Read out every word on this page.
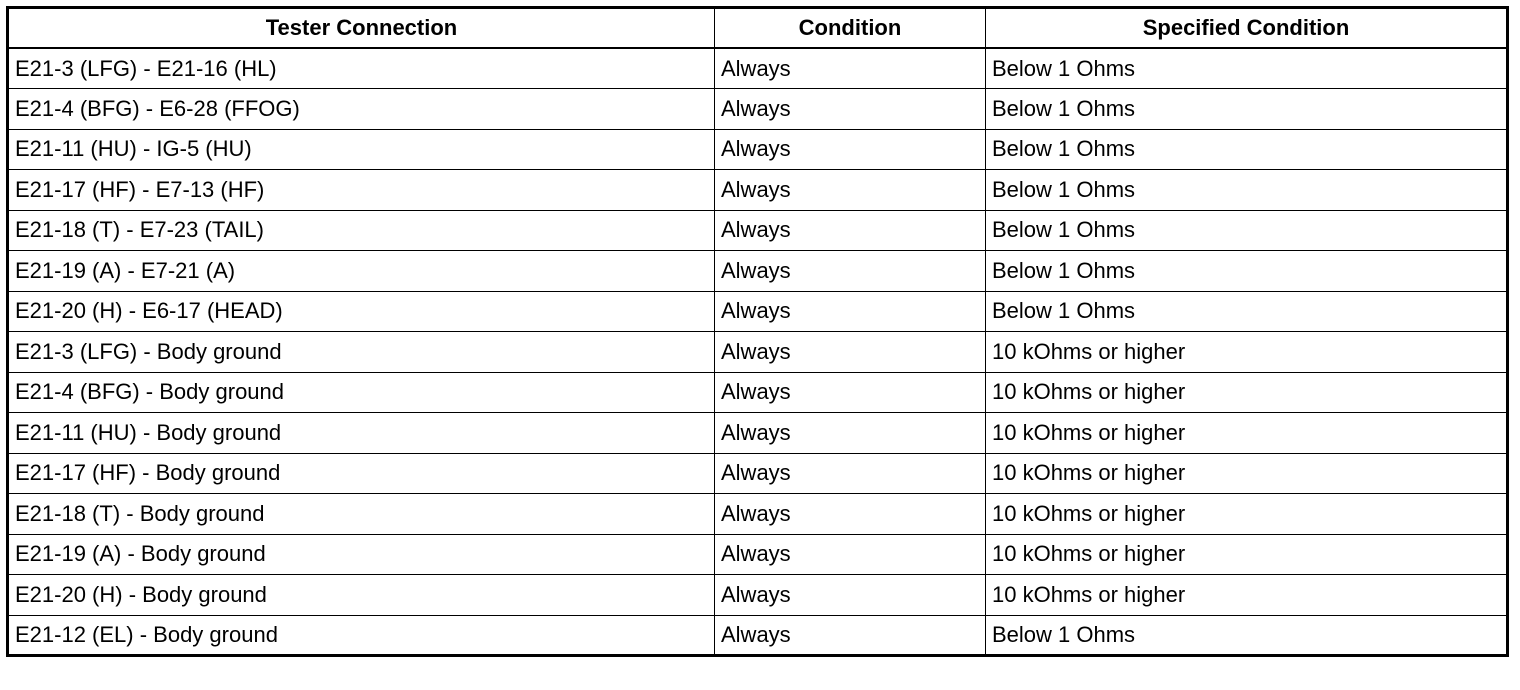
Tester Connection	Condition	Specified Condition
E21-3 (LFG) - E21-16 (HL)	Always	Below 1 Ohms
E21-4 (BFG) - E6-28 (FFOG)	Always	Below 1 Ohms
E21-11 (HU) - IG-5 (HU)	Always	Below 1 Ohms
E21-17 (HF) - E7-13 (HF)	Always	Below 1 Ohms
E21-18 (T) - E7-23 (TAIL)	Always	Below 1 Ohms
E21-19 (A) - E7-21 (A)	Always	Below 1 Ohms
E21-20 (H) - E6-17 (HEAD)	Always	Below 1 Ohms
E21-3 (LFG) - Body ground	Always	10 kOhms or higher
E21-4 (BFG) - Body ground	Always	10 kOhms or higher
E21-11 (HU) - Body ground	Always	10 kOhms or higher
E21-17 (HF) - Body ground	Always	10 kOhms or higher
E21-18 (T) - Body ground	Always	10 kOhms or higher
E21-19 (A) - Body ground	Always	10 kOhms or higher
E21-20 (H) - Body ground	Always	10 kOhms or higher
E21-12 (EL) - Body ground	Always	Below 1 Ohms
